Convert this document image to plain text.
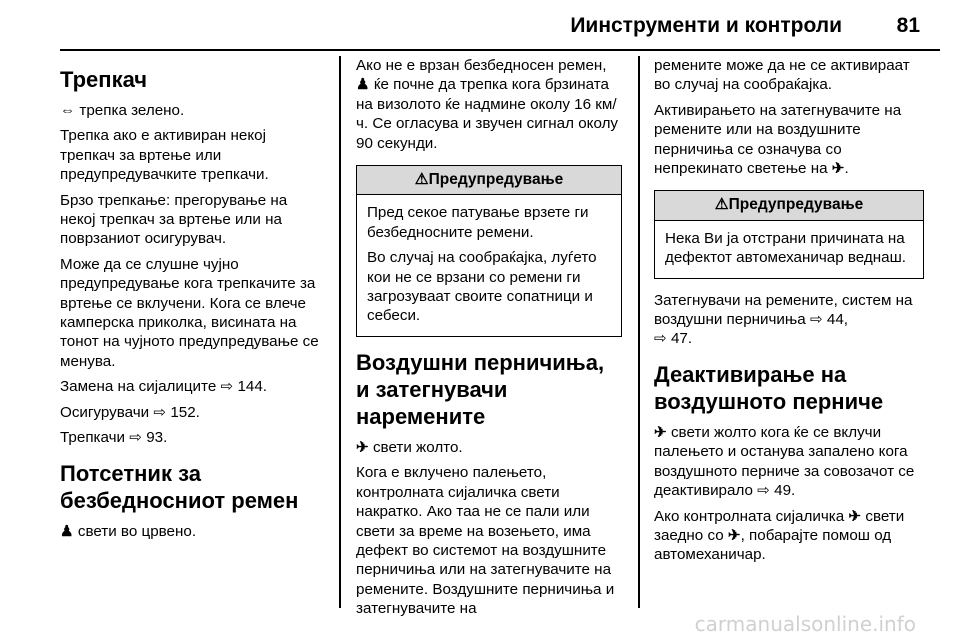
Иинструменти и контроли	81
Трепкач

⇔ трепка зелено.

Трепка ако е активиран некој трепкач за вртење или предупредувачките трепкачи.

Брзо трепкање: прегорување на некој трепкач за вртење или на поврзаниот осигурувач.

Може да се слушне чујно предупредување кога трепкачите за вртење се вклучени. Кога се влече камперска приколка, висината на тонот на чујното предупредување се менува.

Замена на сијалиците ⇨ 144.

Осигурувачи ⇨ 152.

Трепкачи ⇨ 93.

Потсетник за безбедносниот ремен

♟ свети во црвено.

Ако не е врзан безбедносен ремен, ♟ ќе почне да трепка кога брзината на визолото ќе надмине околу 16 км/ч. Се огласува и звучен сигнал околу 90 секунди.

⚠Предупредување

Пред секое патување врзете ги безбедносните ремени.

Во случај на сообраќајка, луѓето кои не се врзани со ремени ги загрозуваат своите сопатници и себеси.

Воздушни перничиња, и затегнувачи наремените

✈ свети жолто.

Кога е вклучено палењето, контролната сијаличка свети накратко. Ако таа не се пали или свети за време на возењето, има дефект во системот на воздушните перничиња или на затегнувачите на ремените. Воздушните перничиња и затегнувачите на

ремените може да не се активираат во случај на сообраќајка.

Активирањето на затегнувачите на ремените или на воздушните перничиња се означува со непрекинато светење на ✈.

⚠Предупредување

Нека Ви ја отстрани причината на дефектот автомеханичар веднаш.

Затегнувачи на ремените, систем на воздушни перничиња ⇨ 44,
⇨ 47.

Деактивирање на воздушното перниче

✈ свети жолто кога ќе се вклучи палењето и останува запалено кога воздушното перниче за совозачот се деактивирало ⇨ 49.

Ако контролната сијаличка ✈ свети заедно со ✈, побарајте помош од автомеханичар.

carmanualsonline.info
